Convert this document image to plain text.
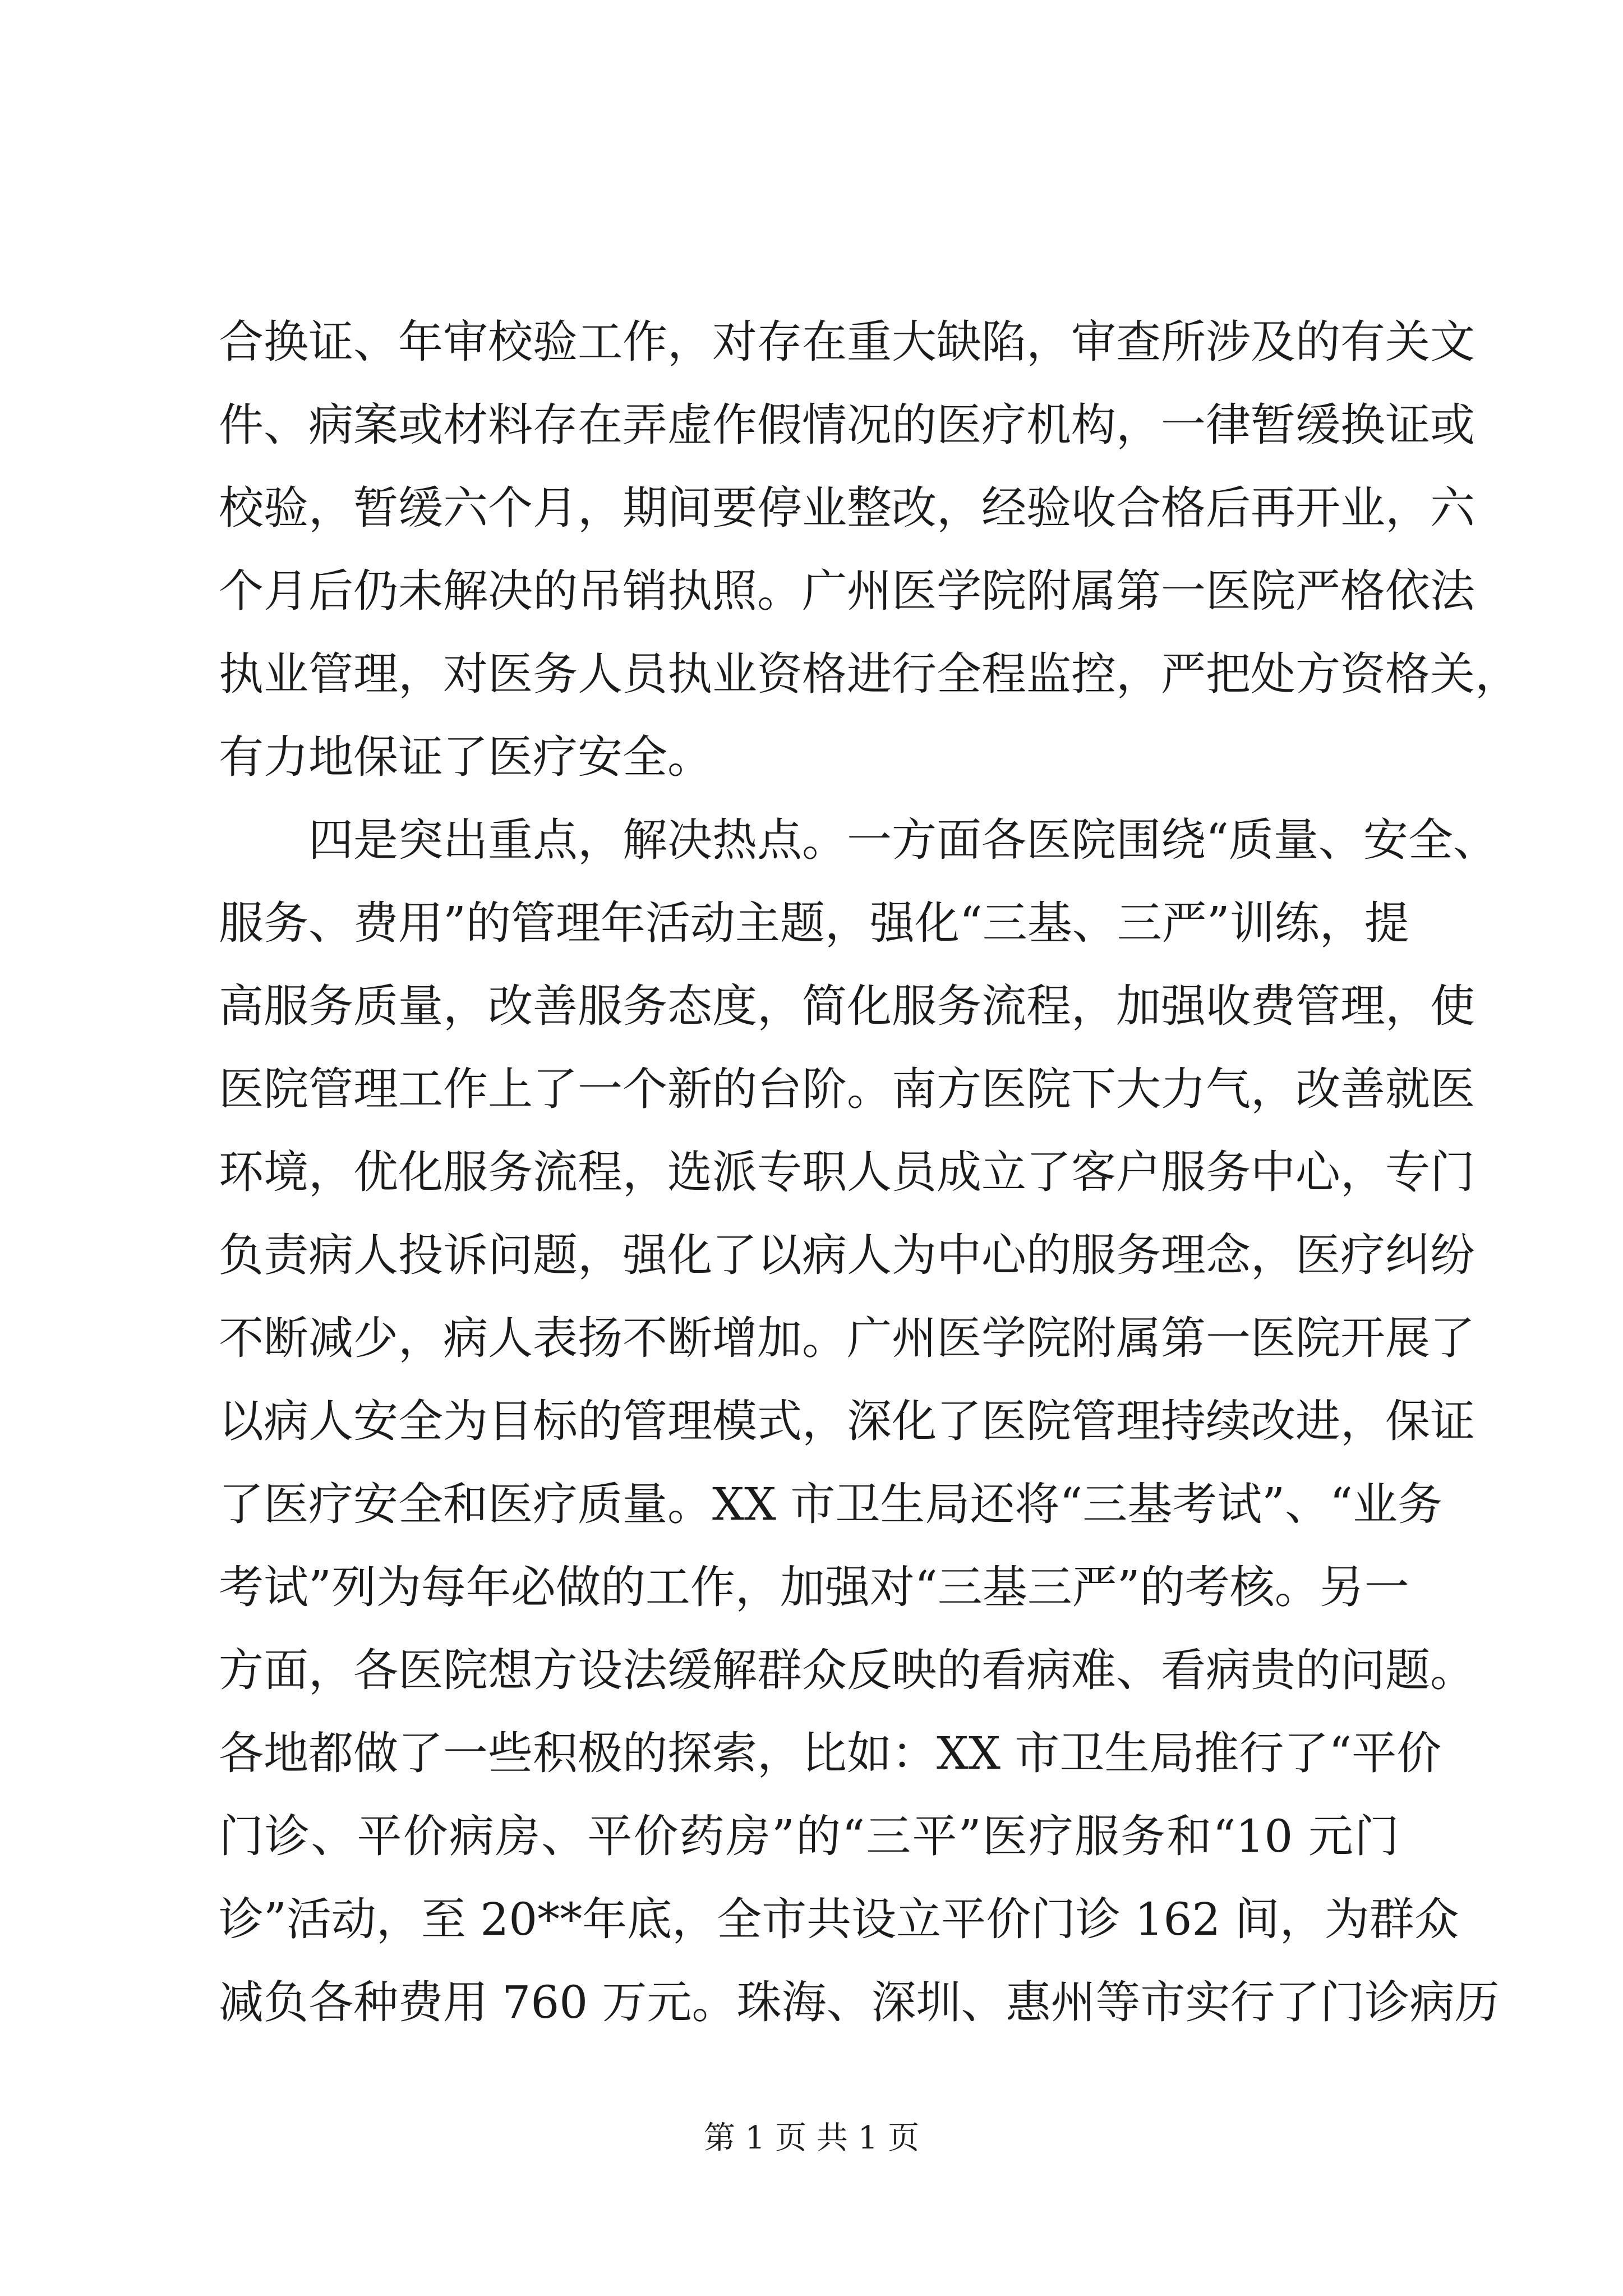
合换证、年审校验工作，对存在重大缺陷，审查所涉及的有关文
件、病案或材料存在弄虚作假情况的医疗机构，一律暂缓换证或
校验，暂缓六个月，期间要停业整改，经验收合格后再开业，六
个月后仍未解决的吊销执照。广州医学院附属第一医院严格依法
执业管理，对医务人员执业资格进行全程监控，严把处方资格关，
有力地保证了医疗安全。
四是突出重点，解决热点。一方面各医院围绕“质量、安全、
服务、费用”的管理年活动主题，强化“三基、三严”训练，提
高服务质量，改善服务态度，简化服务流程，加强收费管理，使
医院管理工作上了一个新的台阶。南方医院下大力气，改善就医
环境，优化服务流程，选派专职人员成立了客户服务中心，专门
负责病人投诉问题，强化了以病人为中心的服务理念，医疗纠纷
不断减少，病人表扬不断增加。广州医学院附属第一医院开展了
以病人安全为目标的管理模式，深化了医院管理持续改进，保证
了医疗安全和医疗质量。XX 市卫生局还将“三基考试”、“业务
考试”列为每年必做的工作，加强对“三基三严”的考核。另一
方面，各医院想方设法缓解群众反映的看病难、看病贵的问题。
各地都做了一些积极的探索，比如：XX 市卫生局推行了“平价
门诊、平价病房、平价药房”的“三平”医疗服务和“10 元门
诊”活动，至 20**年底，全市共设立平价门诊 162 间，为群众
减负各种费用 760 万元。珠海、深圳、惠州等市实行了门诊病历
第 1 页 共 1 页
